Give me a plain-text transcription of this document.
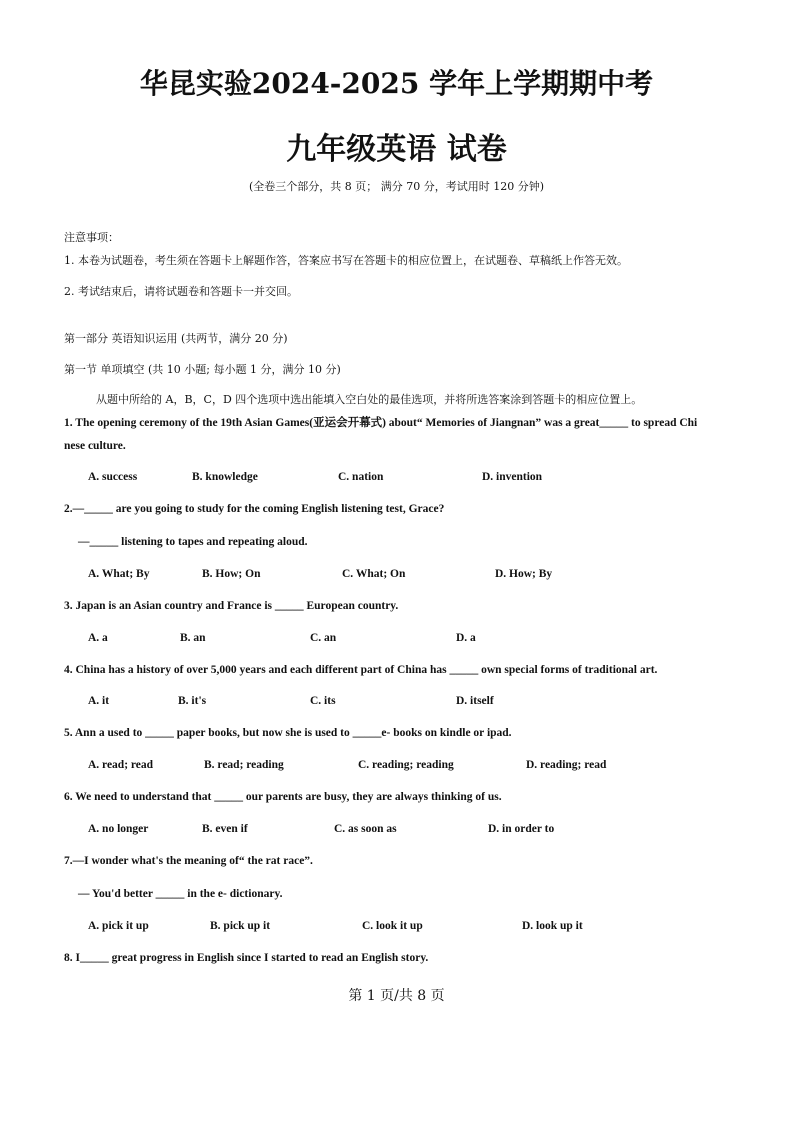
华昆实验2024-2025 学年上学期期中考
九年级英语 试卷
(全卷三个部分，共 8 页； 满分 70 分，考试用时 120 分钟)
注意事项：
1. 本卷为试题卷，考生须在答题卡上解题作答，答案应书写在答题卡的相应位置上，在试题卷、草稿纸上作答无效。
2. 考试结束后，请将试题卷和答题卡一并交回。
第一部分 英语知识运用 (共两节，满分 20 分)
第一节 单项填空 (共 10 小题; 每小题 1 分，满分 10 分)
从题中所给的 A，B，C，D 四个选项中选出能填入空白处的最佳选项，并将所选答案涂到答题卡的相应位置上。
1. The opening ceremony of the 19th Asian Games(亚运会开幕式) about“ Memories of Jiangnan” was a great_____ to spread Chi
nese culture.
A. success	B. knowledge	C. nation	D. invention
2.—_____ are you going to study for the coming English listening test, Grace?
—_____ listening to tapes and repeating aloud.
A. What; By	B. How; On	C. What; On	D. How; By
3. Japan is an Asian country and France is _____ European country.
A. a	B. an	C. an	D. a
4. China has a history of over 5,000 years and each different part of China has _____ own special forms of traditional art.
A. it	B. it's	C. its	D. itself
5. Ann a used to _____ paper books, but now she is used to _____e- books on kindle or ipad.
A. read; read	B. read; reading	C. reading; reading	D. reading; read
6. We need to understand that _____ our parents are busy, they are always thinking of us.
A. no longer	B. even if	C. as soon as	D. in order to
7.—I wonder what's the meaning of“ the rat race”.
— You'd better _____ in the e- dictionary.
A. pick it up	B. pick up it	C. look it up	D. look up it
8. I_____ great progress in English since I started to read an English story.
第 1 页/共 8 页
